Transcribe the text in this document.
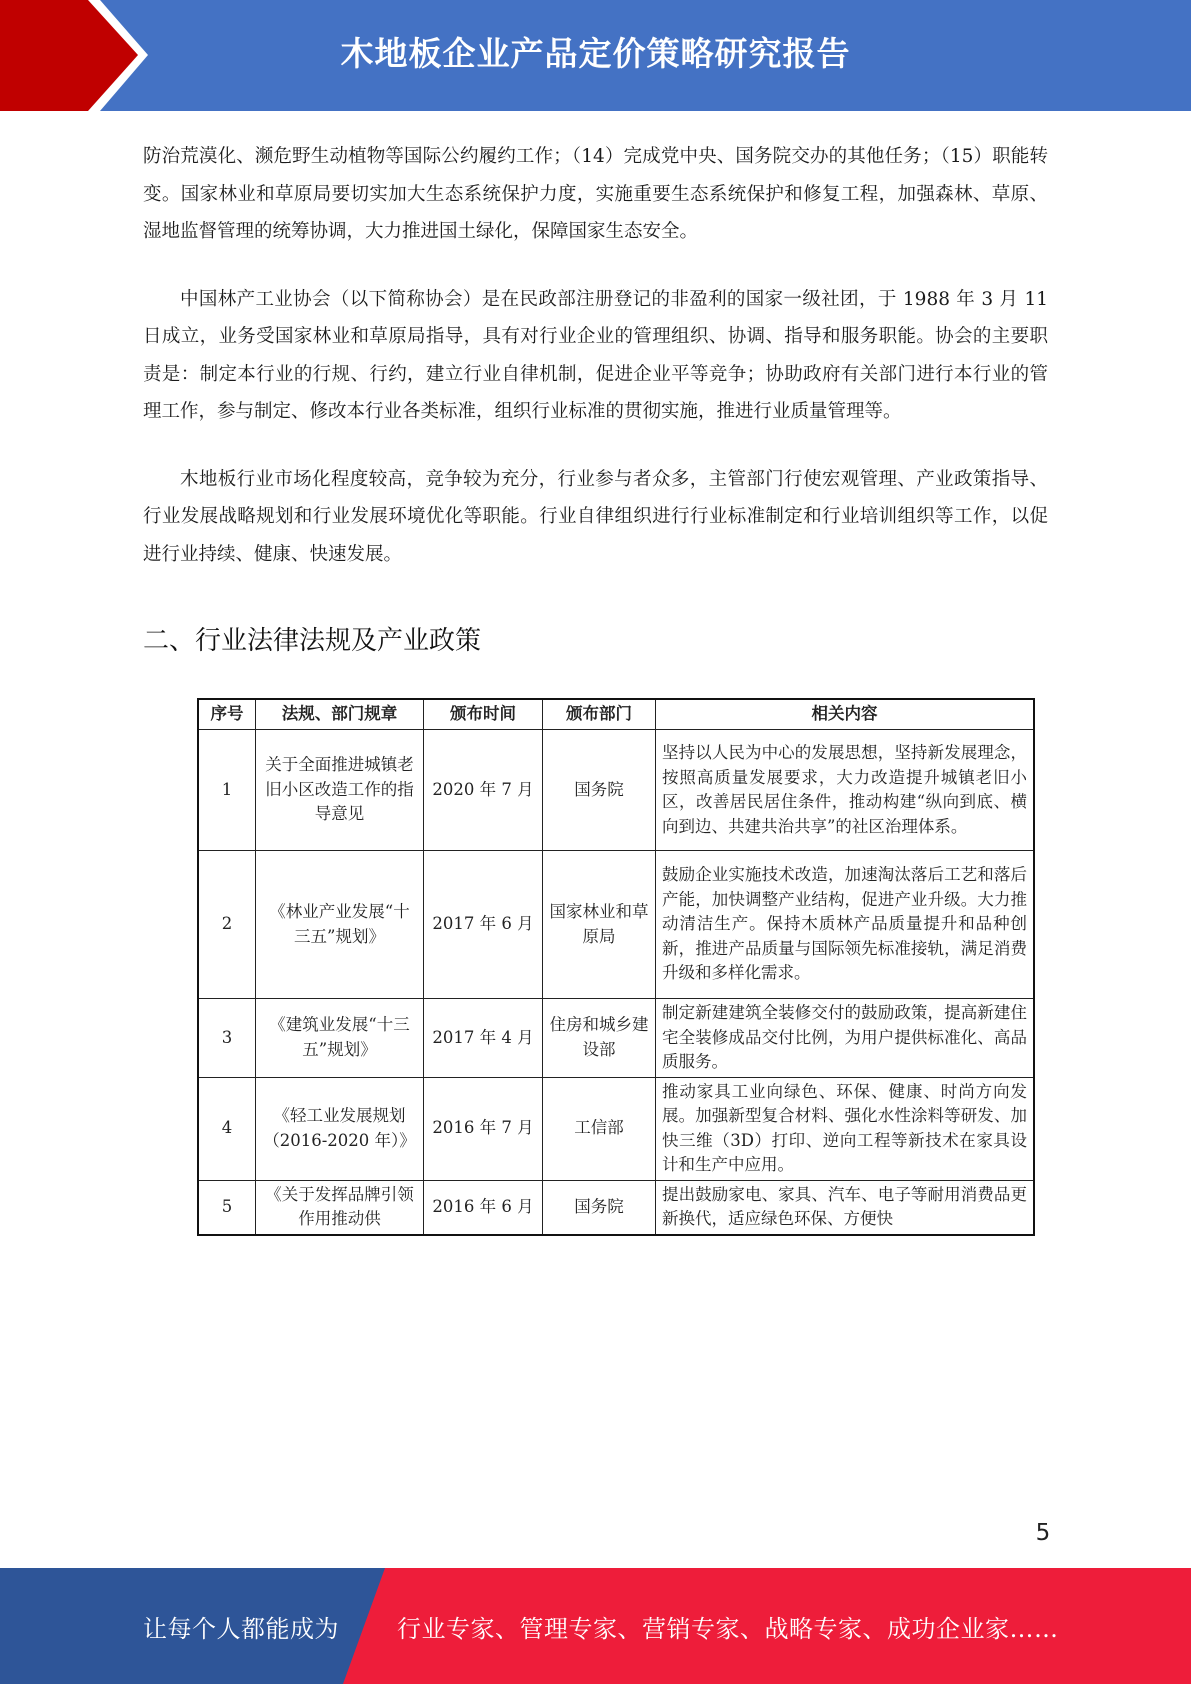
木地板企业产品定价策略研究报告

防治荒漠化、濒危野生动植物等国际公约履约工作；（14）完成党中央、国务院交办的其他任务；（15）职能转变。国家林业和草原局要切实加大生态系统保护力度，实施重要生态系统保护和修复工程，加强森林、草原、湿地监督管理的统筹协调，大力推进国土绿化，保障国家生态安全。

中国林产工业协会（以下简称协会）是在民政部注册登记的非盈利的国家一级社团，于 1988 年 3 月 11 日成立，业务受国家林业和草原局指导，具有对行业企业的管理组织、协调、指导和服务职能。协会的主要职责是：制定本行业的行规、行约，建立行业自律机制，促进企业平等竞争；协助政府有关部门进行本行业的管理工作，参与制定、修改本行业各类标准，组织行业标准的贯彻实施，推进行业质量管理等。

木地板行业市场化程度较高，竞争较为充分，行业参与者众多，主管部门行使宏观管理、产业政策指导、行业发展战略规划和行业发展环境优化等职能。行业自律组织进行行业标准制定和行业培训组织等工作，以促进行业持续、健康、快速发展。

二、行业法律法规及产业政策
序号	法规、部门规章	颁布时间	颁布部门	相关内容
1	关于全面推进城镇老旧小区改造工作的指导意见	2020 年 7 月	国务院	坚持以人民为中心的发展思想，坚持新发展理念，按照高质量发展要求，大力改造提升城镇老旧小区，改善居民居住条件，推动构建“纵向到底、横向到边、共建共治共享”的社区治理体系。
2	《林业产业发展“十三五”规划》	2017 年 6 月	国家林业和草原局	鼓励企业实施技术改造，加速淘汰落后工艺和落后产能，加快调整产业结构，促进产业升级。大力推动清洁生产。保持木质林产品质量提升和品种创新，推进产品质量与国际领先标准接轨，满足消费升级和多样化需求。
3	《建筑业发展“十三五”规划》	2017 年 4 月	住房和城乡建设部	制定新建建筑全装修交付的鼓励政策，提高新建住宅全装修成品交付比例，为用户提供标准化、高品质服务。
4	《轻工业发展规划（2016-2020 年）》	2016 年 7 月	工信部	推动家具工业向绿色、环保、健康、时尚方向发展。加强新型复合材料、强化水性涂料等研发、加快三维（3D）打印、逆向工程等新技术在家具设计和生产中应用。
5	《关于发挥品牌引领作用推动供	2016 年 6 月	国务院	提出鼓励家电、家具、汽车、电子等耐用消费品更新换代，适应绿色环保、方便快
5
让每个人都能成为 行业专家、管理专家、营销专家、战略专家、成功企业家……
